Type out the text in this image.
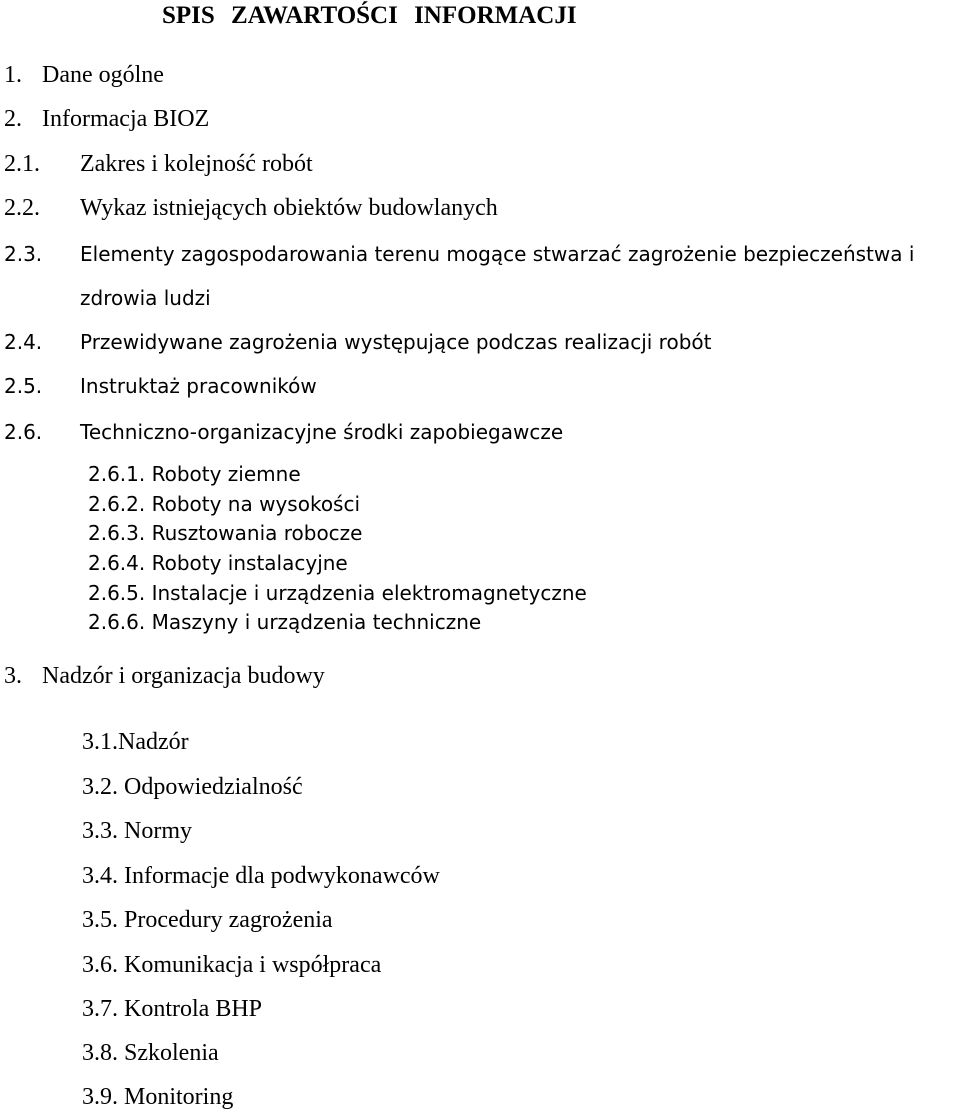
SPIS ZAWARTOŚCI INFORMACJI
1. Dane ogólne
2. Informacja BIOZ
2.1. Zakres i kolejność robót
2.2. Wykaz istniejących obiektów budowlanych
2.3. Elementy zagospodarowania terenu mogące stwarzać zagrożenie bezpieczeństwa i
zdrowia ludzi
2.4. Przewidywane zagrożenia występujące podczas realizacji robót
2.5. Instruktaż pracowników
2.6. Techniczno-organizacyjne środki zapobiegawcze
2.6.1. Roboty ziemne
2.6.2. Roboty na wysokości
2.6.3. Rusztowania robocze
2.6.4. Roboty instalacyjne
2.6.5. Instalacje i urządzenia elektromagnetyczne
2.6.6. Maszyny i urządzenia techniczne
3. Nadzór i organizacja budowy
3.1.Nadzór
3.2. Odpowiedzialność
3.3. Normy
3.4. Informacje dla podwykonawców
3.5. Procedury zagrożenia
3.6. Komunikacja i współpraca
3.7. Kontrola BHP
3.8. Szkolenia
3.9. Monitoring
